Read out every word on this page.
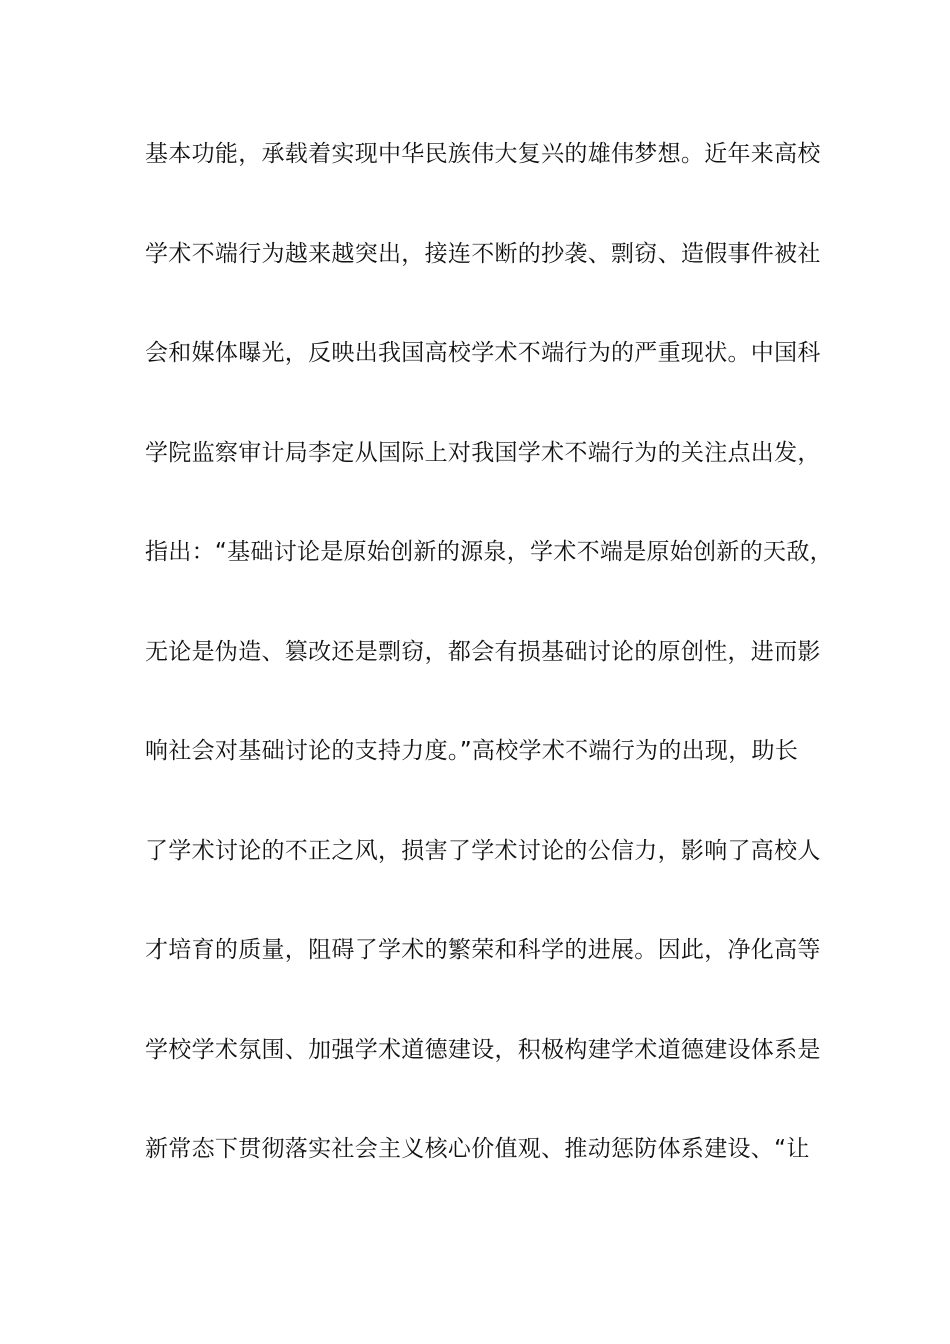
基本功能，承载着实现中华民族伟大复兴的雄伟梦想。近年来高校
学术不端行为越来越突出，接连不断的抄袭、剽窃、造假事件被社
会和媒体曝光，反映出我国高校学术不端行为的严重现状。中国科
学院监察审计局李定从国际上对我国学术不端行为的关注点出发，
指出：“基础讨论是原始创新的源泉，学术不端是原始创新的天敌，
无论是伪造、篡改还是剽窃，都会有损基础讨论的原创性，进而影
响社会对基础讨论的支持力度。”高校学术不端行为的出现，助长
了学术讨论的不正之风，损害了学术讨论的公信力，影响了高校人
才培育的质量，阻碍了学术的繁荣和科学的进展。因此，净化高等
学校学术氛围、加强学术道德建设，积极构建学术道德建设体系是
新常态下贯彻落实社会主义核心价值观、推动惩防体系建设、“让
